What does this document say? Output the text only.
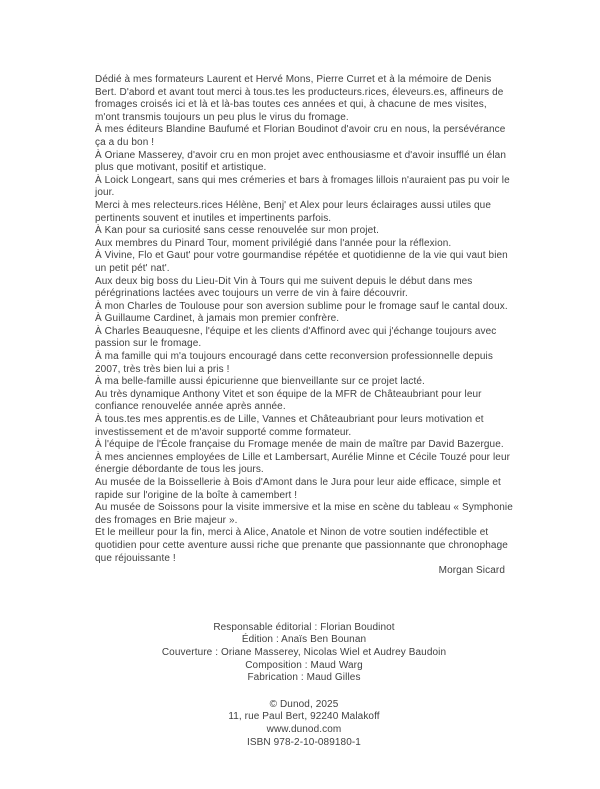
Dédié à mes formateurs Laurent et Hervé Mons, Pierre Curret et à la mémoire de Denis Bert. D'abord et avant tout merci à tous.tes les producteurs.rices, éleveurs.es, affineurs de fromages croisés ici et là et là-bas toutes ces années et qui, à chacune de mes visites, m'ont transmis toujours un peu plus le virus du fromage.

À mes éditeurs Blandine Baufumé et Florian Boudinot d'avoir cru en nous, la persévérance ça a du bon !

À Oriane Masserey, d'avoir cru en mon projet avec enthousiasme et d'avoir insufflé un élan plus que motivant, positif et artistique.

À Loick Longeart, sans qui mes crémeries et bars à fromages lillois n'auraient pas pu voir le jour.

Merci à mes relecteurs.rices Hélène, Benj' et Alex pour leurs éclairages aussi utiles que pertinents souvent et inutiles et impertinents parfois.

À Kan pour sa curiosité sans cesse renouvelée sur mon projet.

Aux membres du Pinard Tour, moment privilégié dans l'année pour la réflexion.

À Vivine, Flo et Gaut' pour votre gourmandise répétée et quotidienne de la vie qui vaut bien un petit pét' nat'.

Aux deux big boss du Lieu-Dit Vin à Tours qui me suivent depuis le début dans mes pérégrinations lactées avec toujours un verre de vin à faire découvrir.

À mon Charles de Toulouse pour son aversion sublime pour le fromage sauf le cantal doux.

À Guillaume Cardinet, à jamais mon premier confrère.

À Charles Beauquesne, l'équipe et les clients d'Affinord avec qui j'échange toujours avec passion sur le fromage.

À ma famille qui m'a toujours encouragé dans cette reconversion professionnelle depuis 2007, très très bien lui a pris !

À ma belle-famille aussi épicurienne que bienveillante sur ce projet lacté.

Au très dynamique Anthony Vitet et son équipe de la MFR de Châteaubriant pour leur confiance renouvelée année après année.

À tous.tes mes apprentis.es de Lille, Vannes et Châteaubriant pour leurs motivation et investissement et de m'avoir supporté comme formateur.

À l'équipe de l'École française du Fromage menée de main de maître par David Bazergue.

À mes anciennes employées de Lille et Lambersart, Aurélie Minne et Cécile Touzé pour leur énergie débordante de tous les jours.

Au musée de la Boissellerie à Bois d'Amont dans le Jura pour leur aide efficace, simple et rapide sur l'origine de la boîte à camembert !

Au musée de Soissons pour la visite immersive et la mise en scène du tableau « Symphonie des fromages en Brie majeur ».

Et le meilleur pour la fin, merci à Alice, Anatole et Ninon de votre soutien indéfectible et quotidien pour cette aventure aussi riche que prenante que passionnante que chronophage que réjouissante !

Morgan Sicard

Responsable éditorial : Florian Boudinot

Édition : Anaïs Ben Bounan

Couverture : Oriane Masserey, Nicolas Wiel et Audrey Baudoin

Composition : Maud Warg

Fabrication : Maud Gilles

© Dunod, 2025

11, rue Paul Bert, 92240 Malakoff

www.dunod.com

ISBN 978-2-10-089180-1
